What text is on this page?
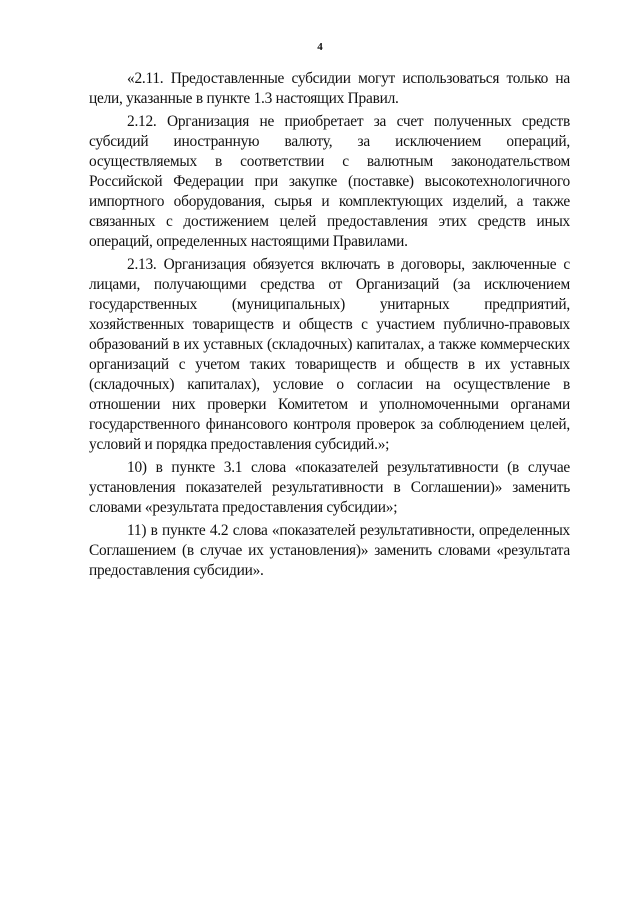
4

«2.11. Предоставленные субсидии могут использоваться только на цели, указанные в пункте 1.3 настоящих Правил.

2.12. Организация не приобретает за счет полученных средств субсидий иностранную валюту, за исключением операций, осуществляемых в соответствии с валютным законодательством Российской Федерации при закупке (поставке) высокотехнологичного импортного оборудования, сырья и комплектующих изделий, а также связанных с достижением целей предоставления этих средств иных операций, определенных настоящими Правилами.

2.13. Организация обязуется включать в договоры, заключенные с лицами, получающими средства от Организаций (за исключением государственных (муниципальных) унитарных предприятий, хозяйственных товариществ и обществ с участием публично-правовых образований в их уставных (складочных) капиталах, а также коммерческих организаций с учетом таких товариществ и обществ в их уставных (складочных) капиталах), условие о согласии на осуществление в отношении них проверки Комитетом и уполномоченными органами государственного финансового контроля проверок за соблюдением целей, условий и порядка предоставления субсидий.»;

10) в пункте 3.1 слова «показателей результативности (в случае установления показателей результативности в Соглашении)» заменить словами «результата предоставления субсидии»;

11) в пункте 4.2 слова «показателей результативности, определенных Соглашением (в случае их установления)» заменить словами «результата предоставления субсидии».
